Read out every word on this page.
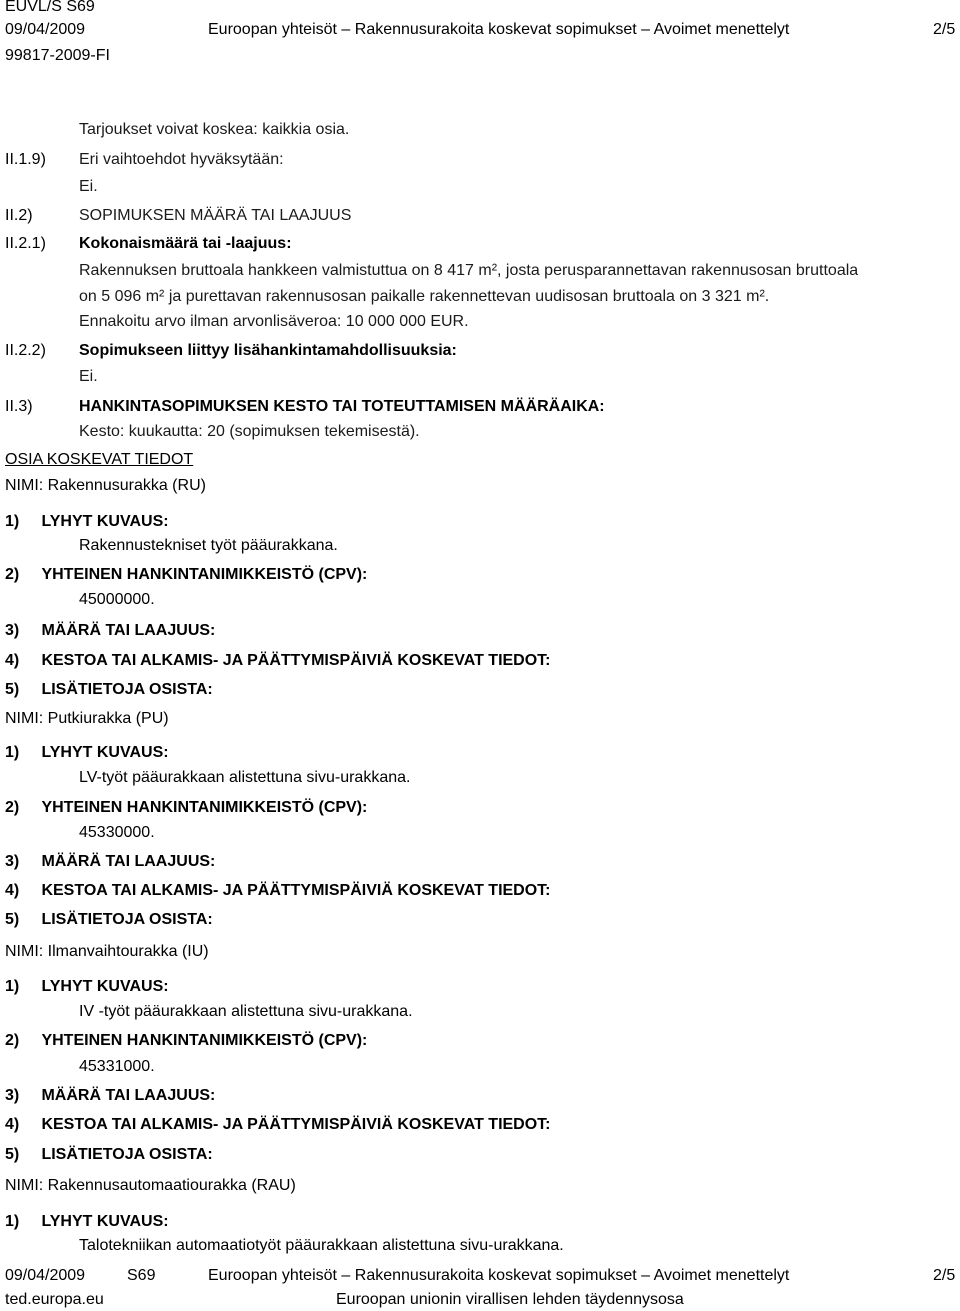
EUVL/S S69
09/04/2009	Euroopan yhteisöt – Rakennusurakoita koskevat sopimukset – Avoimet menettelyt	2/5
99817-2009-FI
Tarjoukset voivat koskea: kaikkia osia.
II.1.9) Eri vaihtoehdot hyväksytään:
Ei.
II.2)	SOPIMUKSEN MÄÄRÄ TAI LAAJUUS
II.2.1) Kokonaismäärä tai -laajuus:
Rakennuksen bruttoala hankkeen valmistuttua on 8 417 m², josta perusparannettavan rakennusosan bruttoala
on 5 096 m² ja purettavan rakennusosan paikalle rakennettevan uudisosan bruttoala on 3 321 m².
Ennakoitu arvo ilman arvonlisäveroa: 10 000 000 EUR.
II.2.2) Sopimukseen liittyy lisähankintamahdollisuuksia:
Ei.
II.3)	HANKINTASOPIMUKSEN KESTO TAI TOTEUTTAMISEN MÄÄRÄAIKA:
Kesto: kuukautta: 20 (sopimuksen tekemisestä).
OSIA KOSKEVAT TIEDOT
NIMI: Rakennusurakka (RU)
1)     LYHYT KUVAUS:
Rakennustekniset työt pääurakkana.
2)     YHTEINEN HANKINTANIMIKKEISTÖ (CPV):
45000000.
3)     MÄÄRÄ TAI LAAJUUS:
4)     KESTOA TAI ALKAMIS- JA PÄÄTTYMISPÄIVIÄ KOSKEVAT TIEDOT:
5)     LISÄTIETOJA OSISTA:
NIMI: Putkiurakka (PU)
1)     LYHYT KUVAUS:
LV-työt pääurakkaan alistettuna sivu-urakkana.
2)     YHTEINEN HANKINTANIMIKKEISTÖ (CPV):
45330000.
3)     MÄÄRÄ TAI LAAJUUS:
4)     KESTOA TAI ALKAMIS- JA PÄÄTTYMISPÄIVIÄ KOSKEVAT TIEDOT:
5)     LISÄTIETOJA OSISTA:
NIMI: Ilmanvaihtourakka (IU)
1)     LYHYT KUVAUS:
IV -työt pääurakkaan alistettuna sivu-urakkana.
2)     YHTEINEN HANKINTANIMIKKEISTÖ (CPV):
45331000.
3)     MÄÄRÄ TAI LAAJUUS:
4)     KESTOA TAI ALKAMIS- JA PÄÄTTYMISPÄIVIÄ KOSKEVAT TIEDOT:
5)     LISÄTIETOJA OSISTA:
NIMI: Rakennusautomaatiourakka (RAU)
1)     LYHYT KUVAUS:
Talotekniikan automaatiotyöt pääurakkaan alistettuna sivu-urakkana.
09/04/2009	S69	Euroopan yhteisöt – Rakennusurakoita koskevat sopimukset – Avoimet menettelyt	2/5
ted.europa.eu	Euroopan unionin virallisen lehden täydennysosa
